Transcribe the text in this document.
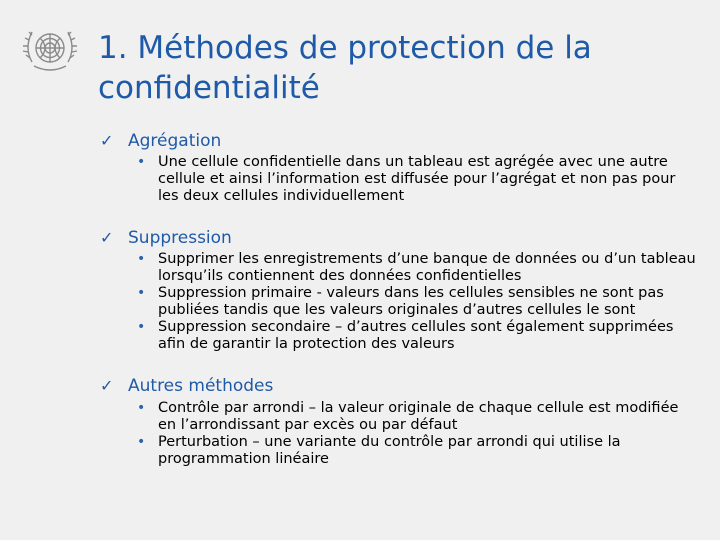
1. Méthodes de protection de la confidentialité
✓ Agrégation
• Une cellule confidentielle dans un tableau est agrégée avec une autre cellule et ainsi l’information est diffusée pour l’agrégat et non pas pour les deux cellules individuellement
✓ Suppression
• Supprimer les enregistrements d’une banque de données ou d’un tableau lorsqu’ils contiennent des données confidentielles
• Suppression primaire - valeurs dans les cellules sensibles ne sont pas publiées tandis que les valeurs originales d’autres cellules le sont
• Suppression secondaire – d’autres cellules sont également supprimées afin de garantir la protection des valeurs
✓ Autres méthodes
• Contrôle par arrondi – la valeur originale de chaque cellule est modifiée en l’arrondissant par excès ou par défaut
• Perturbation – une variante du contrôle par arrondi qui utilise la programmation linéaire
